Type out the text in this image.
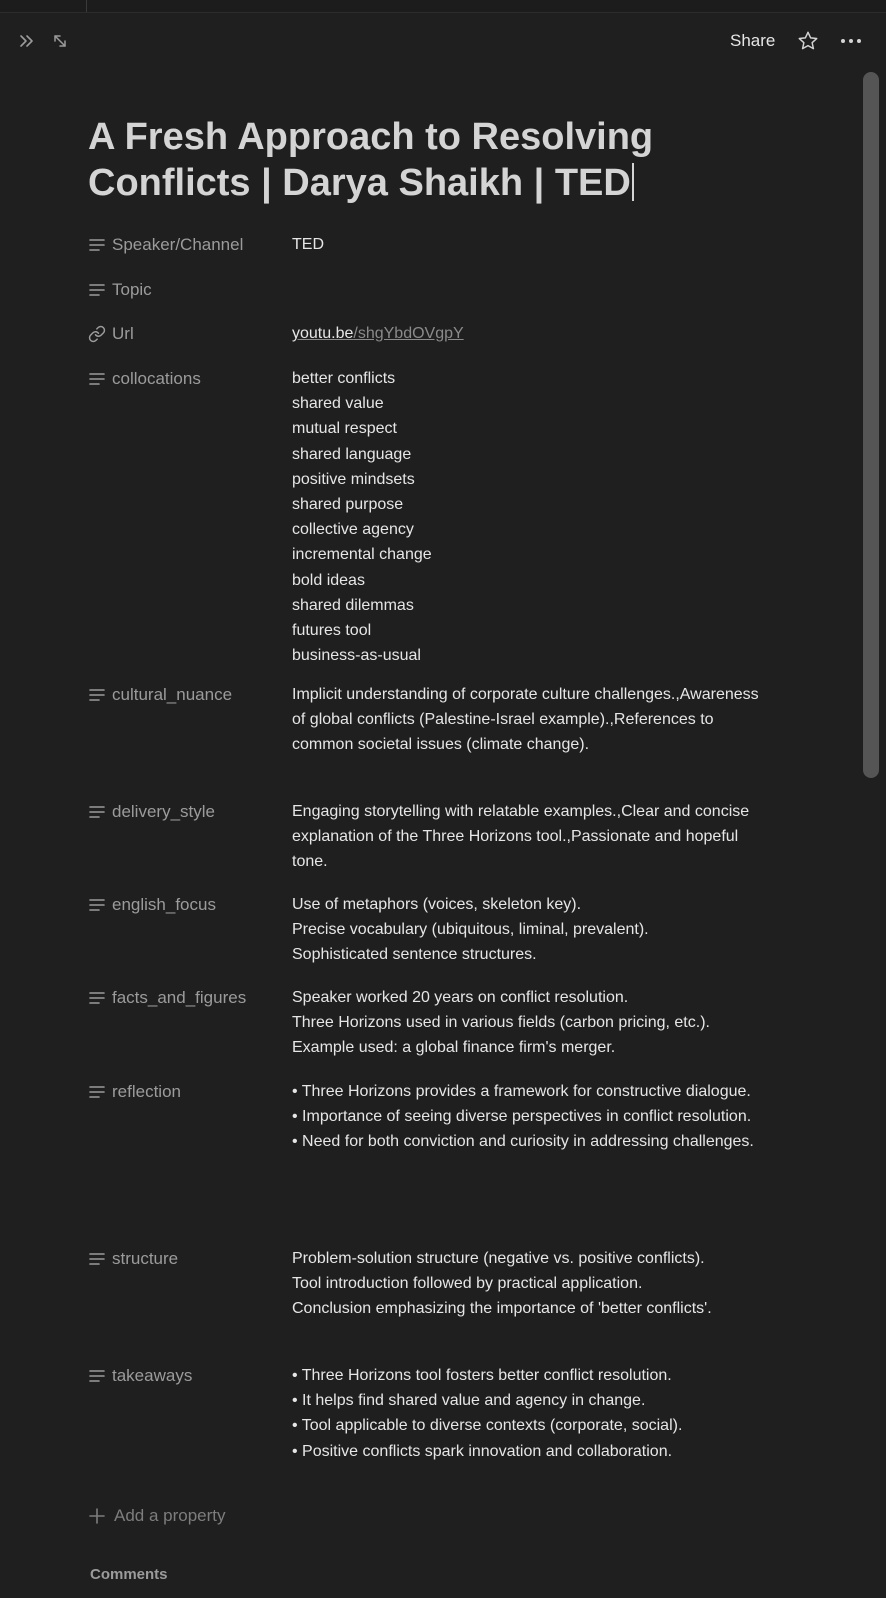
Share
A Fresh Approach to Resolving Conflicts | Darya Shaikh | TED
Speaker/Channel	TED
Topic
Url	youtu.be/shgYbdOVgpY
collocations	better conflicts
shared value
mutual respect
shared language
positive mindsets
shared purpose
collective agency
incremental change
bold ideas
shared dilemmas
futures tool
business-as-usual
cultural_nuance	Implicit understanding of corporate culture challenges.,Awareness of global conflicts (Palestine-Israel example).,References to common societal issues (climate change).
delivery_style	Engaging storytelling with relatable examples.,Clear and concise explanation of the Three Horizons tool.,Passionate and hopeful tone.
english_focus	Use of metaphors (voices, skeleton key).
Precise vocabulary (ubiquitous, liminal, prevalent).
Sophisticated sentence structures.
facts_and_figures	Speaker worked 20 years on conflict resolution.
Three Horizons used in various fields (carbon pricing, etc.).
Example used: a global finance firm's merger.
reflection	• Three Horizons provides a framework for constructive dialogue.
• Importance of seeing diverse perspectives in conflict resolution.
• Need for both conviction and curiosity in addressing challenges.
structure	Problem-solution structure (negative vs. positive conflicts).
Tool introduction followed by practical application.
Conclusion emphasizing the importance of 'better conflicts'.
takeaways	• Three Horizons tool fosters better conflict resolution.
• It helps find shared value and agency in change.
• Tool applicable to diverse contexts (corporate, social).
• Positive conflicts spark innovation and collaboration.
Add a property
Comments
